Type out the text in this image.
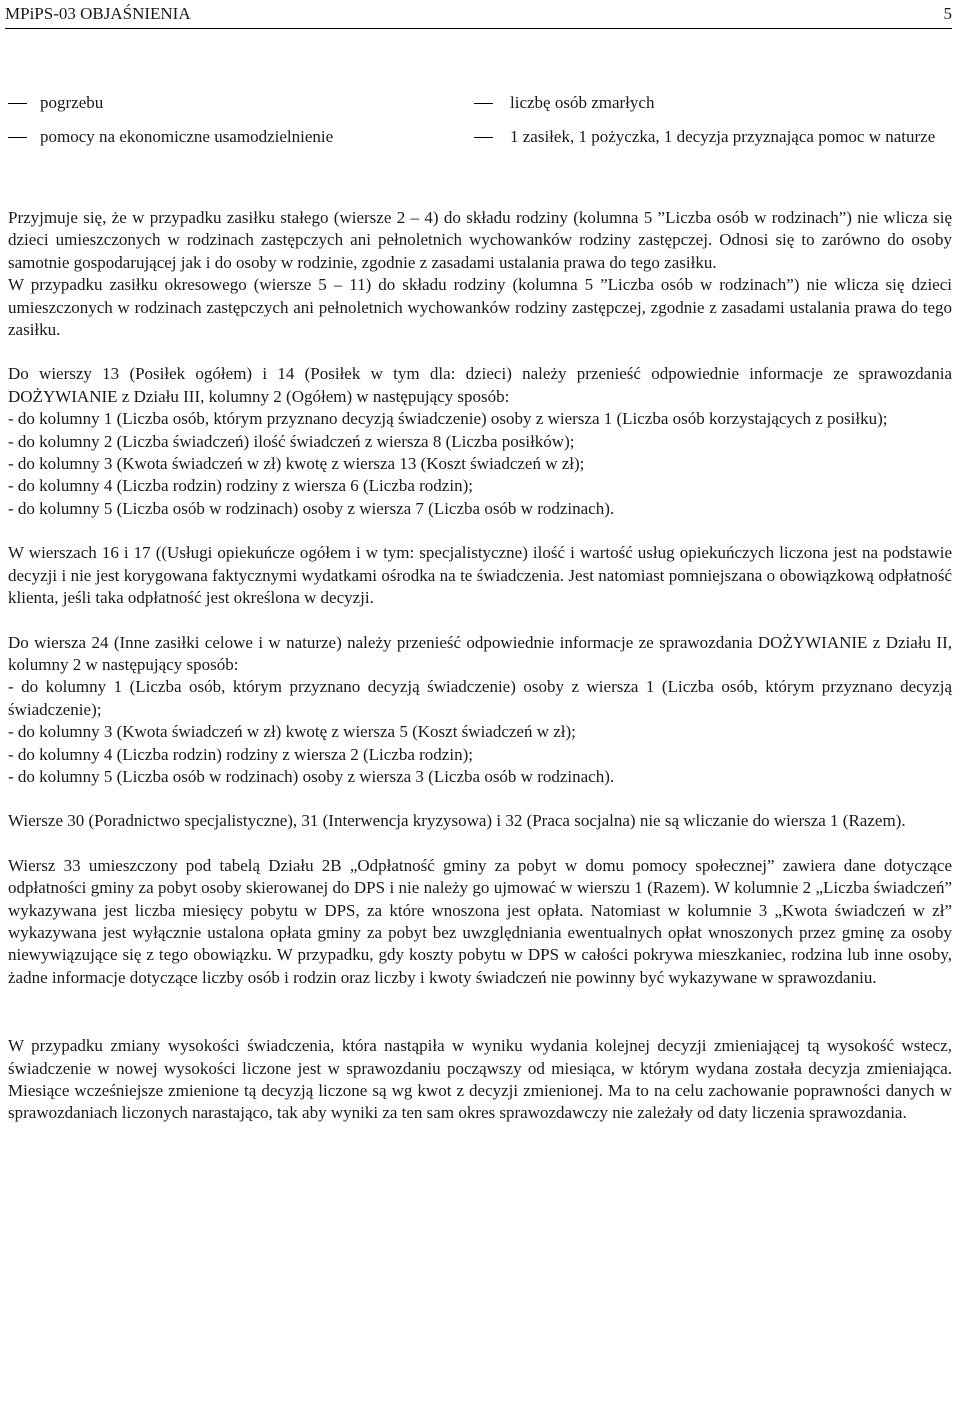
MPiPS-03 OBJAŚNIENIA	5
pogrzebu	liczbę osób zmarłych
pomocy na ekonomiczne usamodzielnienie	1 zasiłek, 1 pożyczka, 1 decyzja przyznająca pomoc w naturze

Przyjmuje się, że w przypadku zasiłku stałego (wiersze 2 – 4) do składu rodziny (kolumna 5 ”Liczba osób w rodzinach”) nie wlicza się dzieci umieszczonych w rodzinach zastępczych ani pełnoletnich wychowanków rodziny zastępczej. Odnosi się to zarówno do osoby samotnie gospodarującej jak i do osoby w rodzinie, zgodnie z zasadami ustalania prawa do tego zasiłku.

W przypadku zasiłku okresowego (wiersze 5 – 11) do składu rodziny (kolumna 5 ”Liczba osób w rodzinach”) nie wlicza się dzieci umieszczonych w rodzinach zastępczych ani pełnoletnich wychowanków rodziny zastępczej, zgodnie z zasadami ustalania prawa do tego zasiłku.

Do wierszy 13 (Posiłek ogółem) i 14 (Posiłek w tym dla: dzieci) należy przenieść odpowiednie informacje ze sprawozdania DOŻYWIANIE z Działu III, kolumny 2 (Ogółem) w następujący sposób:

- do kolumny 1 (Liczba osób, którym przyznano decyzją świadczenie) osoby z wiersza 1 (Liczba osób korzystających z posiłku);

- do kolumny 2 (Liczba świadczeń) ilość świadczeń z wiersza 8 (Liczba posiłków);

- do kolumny 3 (Kwota świadczeń w zł) kwotę z wiersza 13 (Koszt świadczeń w zł);

- do kolumny 4 (Liczba rodzin) rodziny z wiersza 6 (Liczba rodzin);

- do kolumny 5 (Liczba osób w rodzinach) osoby z wiersza 7 (Liczba osób w rodzinach).

W wierszach 16 i 17 ((Usługi opiekuńcze ogółem i w tym: specjalistyczne) ilość i wartość usług opiekuńczych liczona jest na podstawie decyzji i nie jest korygowana faktycznymi wydatkami ośrodka na te świadczenia. Jest natomiast pomniejszana o obowiązkową odpłatność klienta, jeśli taka odpłatność jest określona w decyzji.

Do wiersza 24 (Inne zasiłki celowe i w naturze) należy przenieść odpowiednie informacje ze sprawozdania DOŻYWIANIE z Działu II, kolumny 2 w następujący sposób:

- do kolumny 1 (Liczba osób, którym przyznano decyzją świadczenie) osoby z wiersza 1 (Liczba osób, którym przyznano decyzją świadczenie);

- do kolumny 3 (Kwota świadczeń w zł) kwotę z wiersza 5 (Koszt świadczeń w zł);

- do kolumny 4 (Liczba rodzin) rodziny z wiersza 2 (Liczba rodzin);

- do kolumny 5 (Liczba osób w rodzinach) osoby z wiersza 3 (Liczba osób w rodzinach).

Wiersze 30 (Poradnictwo specjalistyczne), 31 (Interwencja kryzysowa) i 32 (Praca socjalna) nie są wliczanie do wiersza 1 (Razem).

Wiersz 33 umieszczony pod tabelą Działu 2B „Odpłatność gminy za pobyt w domu pomocy społecznej” zawiera dane dotyczące odpłatności gminy za pobyt osoby skierowanej do DPS i nie należy go ujmować w wierszu 1 (Razem). W kolumnie 2 „Liczba świadczeń” wykazywana jest liczba miesięcy pobytu w DPS, za które wnoszona jest opłata. Natomiast w kolumnie 3 „Kwota świadczeń w zł” wykazywana jest wyłącznie ustalona opłata gminy za pobyt bez uwzględniania ewentualnych opłat wnoszonych przez gminę za osoby niewywiązujące się z tego obowiązku. W przypadku, gdy koszty pobytu w DPS w całości pokrywa mieszkaniec, rodzina lub inne osoby, żadne informacje dotyczące liczby osób i rodzin oraz liczby i kwoty świadczeń nie powinny być wykazywane w sprawozdaniu.

W przypadku zmiany wysokości świadczenia, która nastąpiła w wyniku wydania kolejnej decyzji zmieniającej tą wysokość wstecz, świadczenie w nowej wysokości liczone jest w sprawozdaniu począwszy od miesiąca, w którym wydana została decyzja zmieniająca. Miesiące wcześniejsze zmienione tą decyzją liczone są wg kwot z decyzji zmienionej. Ma to na celu zachowanie poprawności danych w sprawozdaniach liczonych narastająco, tak aby wyniki za ten sam okres sprawozdawczy nie zależały od daty liczenia sprawozdania.
